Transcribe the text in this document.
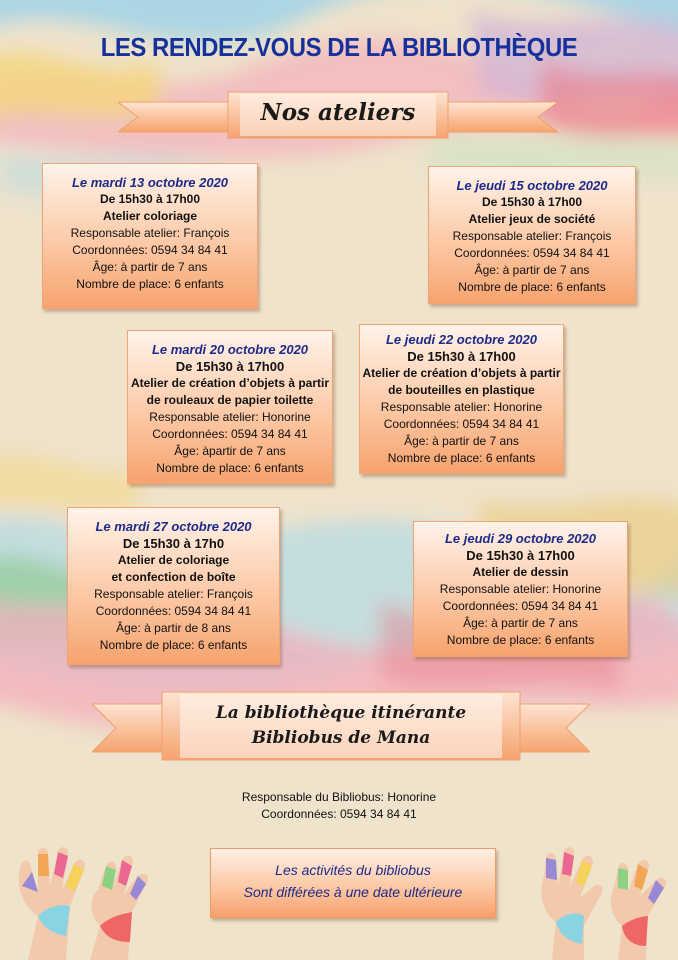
LES RENDEZ-VOUS DE LA BIBLIOTHÈQUE
Nos ateliers
Le mardi 13 octobre 2020
De 15h30 à 17h00
Atelier coloriage
Responsable atelier: François
Coordonnées: 0594 34 84 41
Âge: à partir de 7 ans
Nombre de place: 6 enfants
Le jeudi 15 octobre 2020
De 15h30 à 17h00
Atelier jeux de société
Responsable atelier: François
Coordonnées: 0594 34 84 41
Âge: à partir de 7 ans
Nombre de place: 6 enfants
Le mardi 20 octobre 2020
De 15h30 à 17h00
Atelier de création d’objets à partir
de rouleaux de papier toilette
Responsable atelier: Honorine
Coordonnées: 0594 34 84 41
Âge: àpartir de 7 ans
Nombre de place: 6 enfants
Le jeudi 22 octobre 2020
De 15h30 à 17h00
Atelier de création d’objets à partir
de bouteilles en plastique
Responsable atelier: Honorine
Coordonnées: 0594 34 84 41
Âge: à partir de 7 ans
Nombre de place: 6 enfants
Le mardi 27 octobre 2020
De 15h30 à 17h0
Atelier de coloriage
et confection de boîte
Responsable atelier: François
Coordonnées: 0594 34 84 41
Âge: à partir de 8 ans
Nombre de place: 6 enfants
Le jeudi 29 octobre 2020
De 15h30 à 17h00
Atelier de dessin
Responsable atelier: Honorine
Coordonnées: 0594 34 84 41
Âge: à partir de 7 ans
Nombre de place: 6 enfants
La bibliothèque itinérante
Bibliobus de Mana
Responsable du Bibliobus: Honorine
Coordonnées: 0594 34 84 41
Les activités du bibliobus
Sont différées à une date ultérieure
